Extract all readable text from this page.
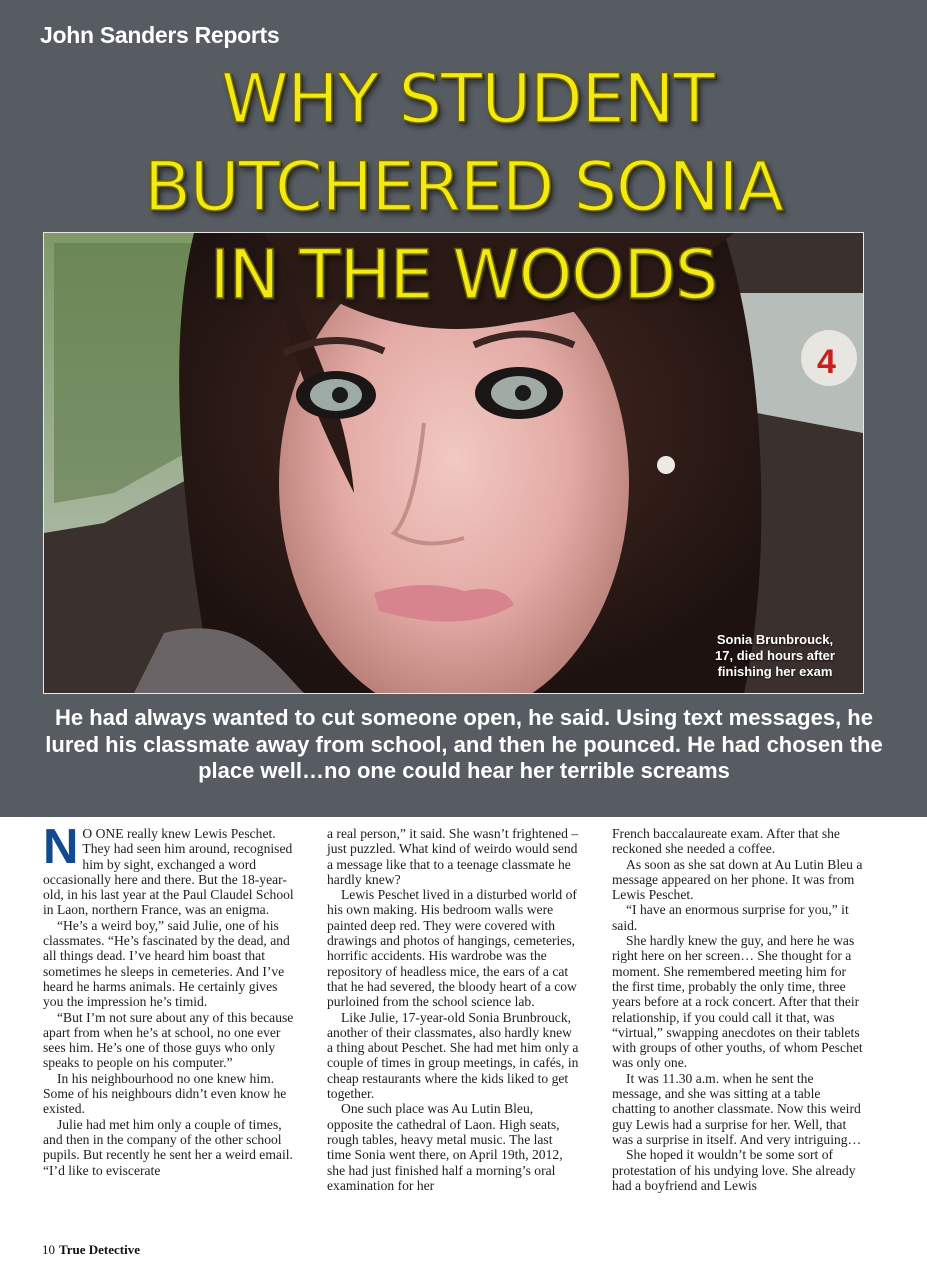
John Sanders Reports
4
WHY STUDENT
BUTCHERED SONIA
IN THE WOODS
Sonia Brunbrouck,
17, died hours after
finishing her exam

He had always wanted to cut someone open, he said. Using text messages, he lured his classmate away from school, and then he pounced. He had chosen the place well…no one could hear her terrible screams

N O ONE really knew Lewis Peschet. They had seen him around, recognised him by sight, exchanged a word occasionally here and there. But the 18-year-old, in his last year at the Paul Claudel School in Laon, northern France, was an enigma.

“He’s a weird boy,” said Julie, one of his classmates. “He’s fascinated by the dead, and all things dead. I’ve heard him boast that sometimes he sleeps in cemeteries. And I’ve heard he harms animals. He certainly gives you the impression he’s timid.

“But I’m not sure about any of this because apart from when he’s at school, no one ever sees him. He’s one of those guys who only speaks to people on his computer.”

In his neighbourhood no one knew him. Some of his neighbours didn’t even know he existed.

Julie had met him only a couple of times, and then in the company of the other school pupils. But recently he sent her a weird email. “I’d like to eviscerate

a real person,” it said. She wasn’t frightened – just puzzled. What kind of weirdo would send a message like that to a teenage classmate he hardly knew?

Lewis Peschet lived in a disturbed world of his own making. His bedroom walls were painted deep red. They were covered with drawings and photos of hangings, cemeteries, horrific accidents. His wardrobe was the repository of headless mice, the ears of a cat that he had severed, the bloody heart of a cow purloined from the school science lab.

Like Julie, 17-year-old Sonia Brunbrouck, another of their classmates, also hardly knew a thing about Peschet. She had met him only a couple of times in group meetings, in cafés, in cheap restaurants where the kids liked to get together.

One such place was Au Lutin Bleu, opposite the cathedral of Laon. High seats, rough tables, heavy metal music. The last time Sonia went there, on April 19th, 2012, she had just finished half a morning’s oral examination for her

French baccalaureate exam. After that she reckoned she needed a coffee.

As soon as she sat down at Au Lutin Bleu a message appeared on her phone. It was from Lewis Peschet.

“I have an enormous surprise for you,” it said.

She hardly knew the guy, and here he was right here on her screen… She thought for a moment. She remembered meeting him for the first time, probably the only time, three years before at a rock concert. After that their relationship, if you could call it that, was “virtual,” swapping anecdotes on their tablets with groups of other youths, of whom Peschet was only one.

It was 11.30 a.m. when he sent the message, and she was sitting at a table chatting to another classmate. Now this weird guy Lewis had a surprise for her. Well, that was a surprise in itself. And very intriguing…

She hoped it wouldn’t be some sort of protestation of his undying love. She already had a boyfriend and Lewis

10 True Detective
